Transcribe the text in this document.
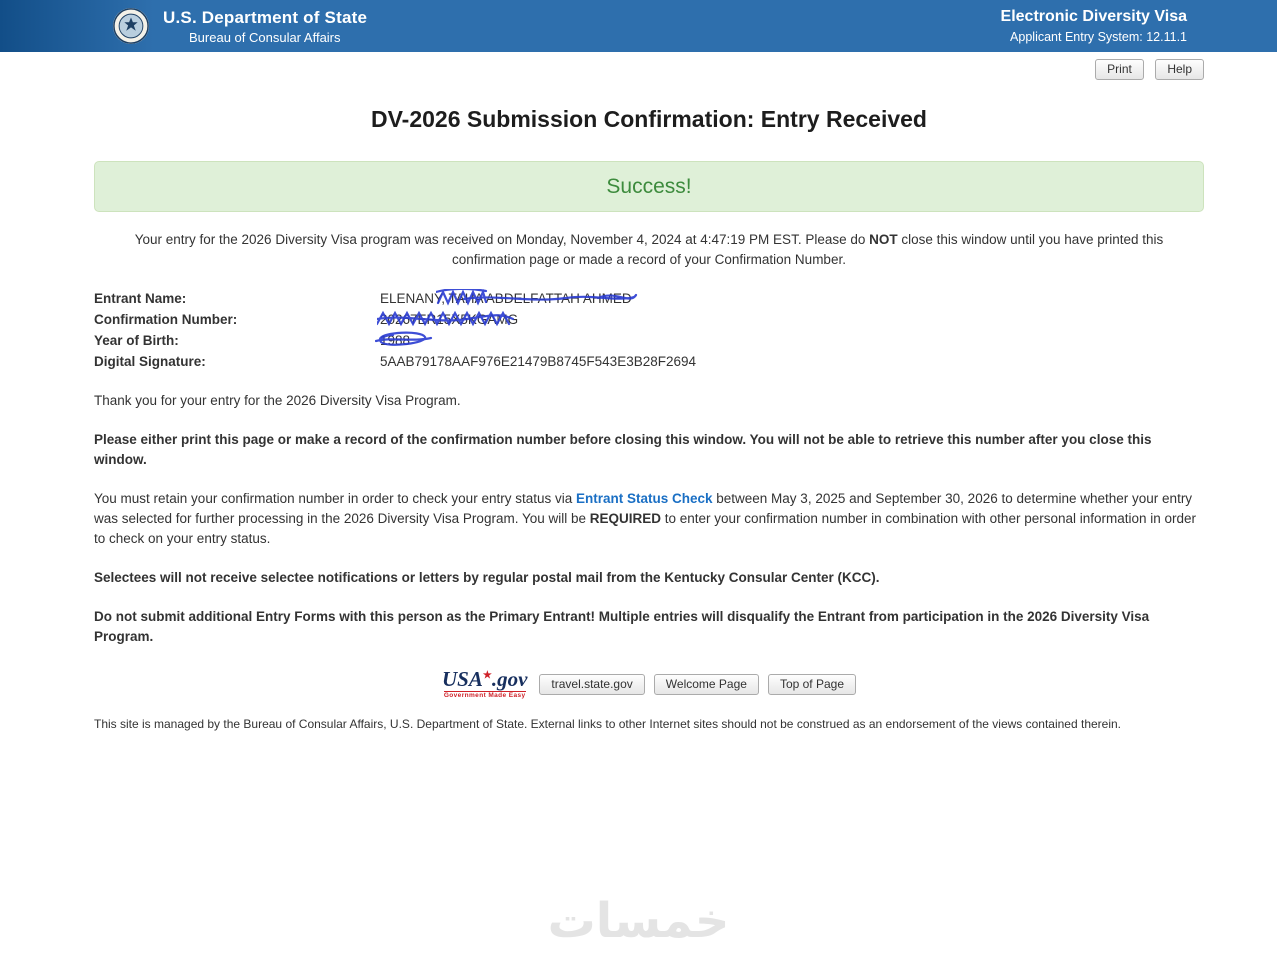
U.S. Department of State
Bureau of Consular Affairs
Electronic Diversity Visa
Applicant Entry System: 12.11.1
Print	Help
DV-2026 Submission Confirmation: Entry Received
Success!

Your entry for the 2026 Diversity Visa program was received on Monday, November 4, 2024 at 4:47:19 PM EST. Please do NOT close this window until you have printed this confirmation page or made a record of your Confirmation Number.

Entrant Name:	ELENANY, TAHA ABDELFATTAH AHMED
Confirmation Number:	20267ER15X5KGAMG
Year of Birth:	1988
Digital Signature:	5AAB79178AAF976E21479B8745F543E3B28F2694

Thank you for your entry for the 2026 Diversity Visa Program.

Please either print this page or make a record of the confirmation number before closing this window. You will not be able to retrieve this number after you close this window.

You must retain your confirmation number in order to check your entry status via Entrant Status Check between May 3, 2025 and September 30, 2026 to determine whether your entry was selected for further processing in the 2026 Diversity Visa Program. You will be REQUIRED to enter your confirmation number in combination with other personal information in order to check on your entry status.

Selectees will not receive selectee notifications or letters by regular postal mail from the Kentucky Consular Center (KCC).

Do not submit additional Entry Forms with this person as the Primary Entrant! Multiple entries will disqualify the Entrant from participation in the 2026 Diversity Visa Program.

USA★.gov
Government Made Easy
travel.state.gov	Welcome Page	Top of Page
This site is managed by the Bureau of Consular Affairs, U.S. Department of State. External links to other Internet sites should not be construed as an endorsement of the views contained therein.
خمسات
